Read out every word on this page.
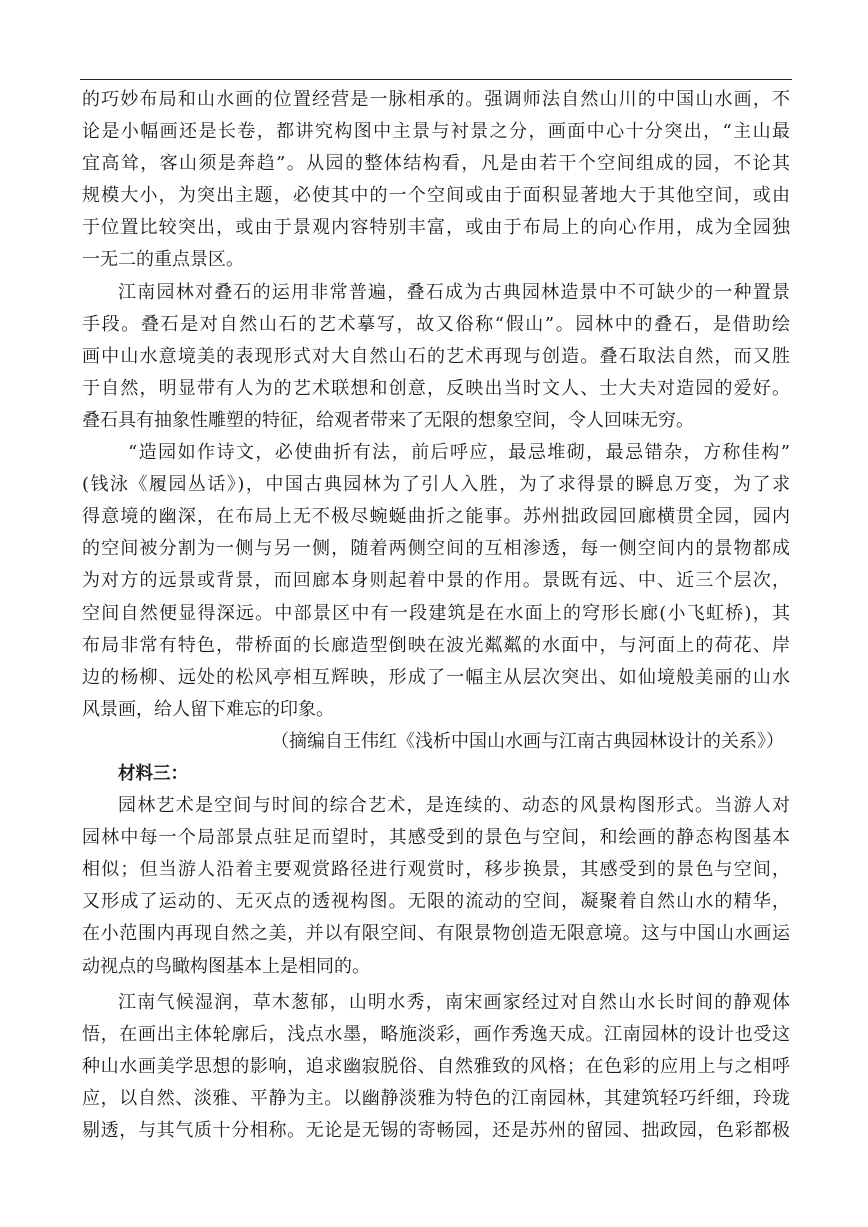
的巧妙布局和山水画的位置经营是一脉相承的。强调师法自然山川的中国山水画，不
论是小幅画还是长卷，都讲究构图中主景与衬景之分，画面中心十分突出，“主山最
宜高耸，客山须是奔趋”。从园的整体结构看，凡是由若干个空间组成的园，不论其
规模大小，为突出主题，必使其中的一个空间或由于面积显著地大于其他空间，或由
于位置比较突出，或由于景观内容特别丰富，或由于布局上的向心作用，成为全园独
一无二的重点景区。
江南园林对叠石的运用非常普遍，叠石成为古典园林造景中不可缺少的一种置景
手段。叠石是对自然山石的艺术摹写，故又俗称“假山”。园林中的叠石，是借助绘
画中山水意境美的表现形式对大自然山石的艺术再现与创造。叠石取法自然，而又胜
于自然，明显带有人为的艺术联想和创意，反映出当时文人、士大夫对造园的爱好。
叠石具有抽象性雕塑的特征，给观者带来了无限的想象空间，令人回味无穷。
“造园如作诗文，必使曲折有法，前后呼应，最忌堆砌，最忌错杂，方称佳构”
(钱泳《履园丛话》)，中国古典园林为了引人入胜，为了求得景的瞬息万变，为了求
得意境的幽深，在布局上无不极尽蜿蜒曲折之能事。苏州拙政园回廊横贯全园，园内
的空间被分割为一侧与另一侧，随着两侧空间的互相渗透，每一侧空间内的景物都成
为对方的远景或背景，而回廊本身则起着中景的作用。景既有远、中、近三个层次，
空间自然便显得深远。中部景区中有一段建筑是在水面上的穹形长廊(小飞虹桥)，其
布局非常有特色，带桥面的长廊造型倒映在波光粼粼的水面中，与河面上的荷花、岸
边的杨柳、远处的松风亭相互辉映，形成了一幅主从层次突出、如仙境般美丽的山水
风景画，给人留下难忘的印象。
（摘编自王伟红《浅析中国山水画与江南古典园林设计的关系》）
材料三：
园林艺术是空间与时间的综合艺术，是连续的、动态的风景构图形式。当游人对
园林中每一个局部景点驻足而望时，其感受到的景色与空间，和绘画的静态构图基本
相似；但当游人沿着主要观赏路径进行观赏时，移步换景，其感受到的景色与空间，
又形成了运动的、无灭点的透视构图。无限的流动的空间，凝聚着自然山水的精华，
在小范围内再现自然之美，并以有限空间、有限景物创造无限意境。这与中国山水画运
动视点的鸟瞰构图基本上是相同的。
江南气候湿润，草木葱郁，山明水秀，南宋画家经过对自然山水长时间的静观体
悟，在画出主体轮廓后，浅点水墨，略施淡彩，画作秀逸天成。江南园林的设计也受这
种山水画美学思想的影响，追求幽寂脱俗、自然雅致的风格；在色彩的应用上与之相呼
应，以自然、淡雅、平静为主。以幽静淡雅为特色的江南园林，其建筑轻巧纤细，玲珑
剔透，与其气质十分相称。无论是无锡的寄畅园，还是苏州的留园、拙政园，色彩都极
